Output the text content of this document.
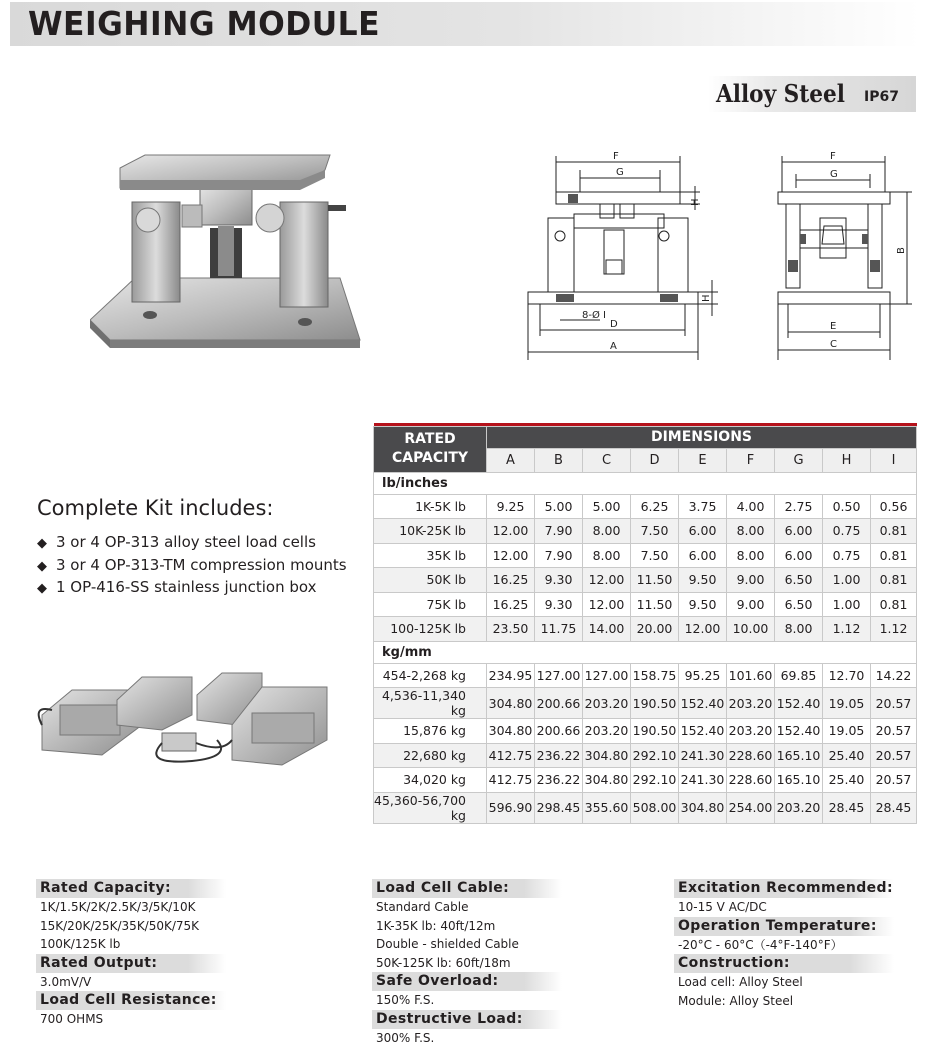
WEIGHING MODULE
Alloy Steel IP67
F
G
H
H
8-Ø I
D
A
F
G
B
E
C
Complete Kit includes:
◆ 3 or 4 OP-313 alloy steel load cells
◆ 3 or 4 OP-313-TM compression mounts
◆ 1 OP-416-SS stainless junction box

RATED
CAPACITY	DIMENSIONS								
	A	B	C	D	E	F	G	H	I
lb/inches									
1K-5K lb	9.25	5.00	5.00	6.25	3.75	4.00	2.75	0.50	0.56
10K-25K lb	12.00	7.90	8.00	7.50	6.00	8.00	6.00	0.75	0.81
35K lb	12.00	7.90	8.00	7.50	6.00	8.00	6.00	0.75	0.81
50K lb	16.25	9.30	12.00	11.50	9.50	9.00	6.50	1.00	0.81
75K lb	16.25	9.30	12.00	11.50	9.50	9.00	6.50	1.00	0.81
100-125K lb	23.50	11.75	14.00	20.00	12.00	10.00	8.00	1.12	1.12
kg/mm									
454-2,268 kg	234.95	127.00	127.00	158.75	95.25	101.60	69.85	12.70	14.22
4,536-11,340 kg	304.80	200.66	203.20	190.50	152.40	203.20	152.40	19.05	20.57
15,876 kg	304.80	200.66	203.20	190.50	152.40	203.20	152.40	19.05	20.57
22,680 kg	412.75	236.22	304.80	292.10	241.30	228.60	165.10	25.40	20.57
34,020 kg	412.75	236.22	304.80	292.10	241.30	228.60	165.10	25.40	20.57
45,360-56,700 kg	596.90	298.45	355.60	508.00	304.80	254.00	203.20	28.45	28.45
Rated Capacity:
1K/1.5K/2K/2.5K/3/5K/10K
15K/20K/25K/35K/50K/75K
100K/125K lb
Rated Output:
3.0mV/V
Load Cell Resistance:
700 OHMS
Load Cell Cable:
Standard Cable
1K-35K lb: 40ft/12m
Double - shielded Cable
50K-125K lb: 60ft/18m
Safe Overload:
150% F.S.
Destructive Load:
300% F.S.
Excitation Recommended:
10-15 V AC/DC
Operation Temperature:
-20°C - 60°C（-4°F-140°F）
Construction:
Load cell: Alloy Steel
Module: Alloy Steel
